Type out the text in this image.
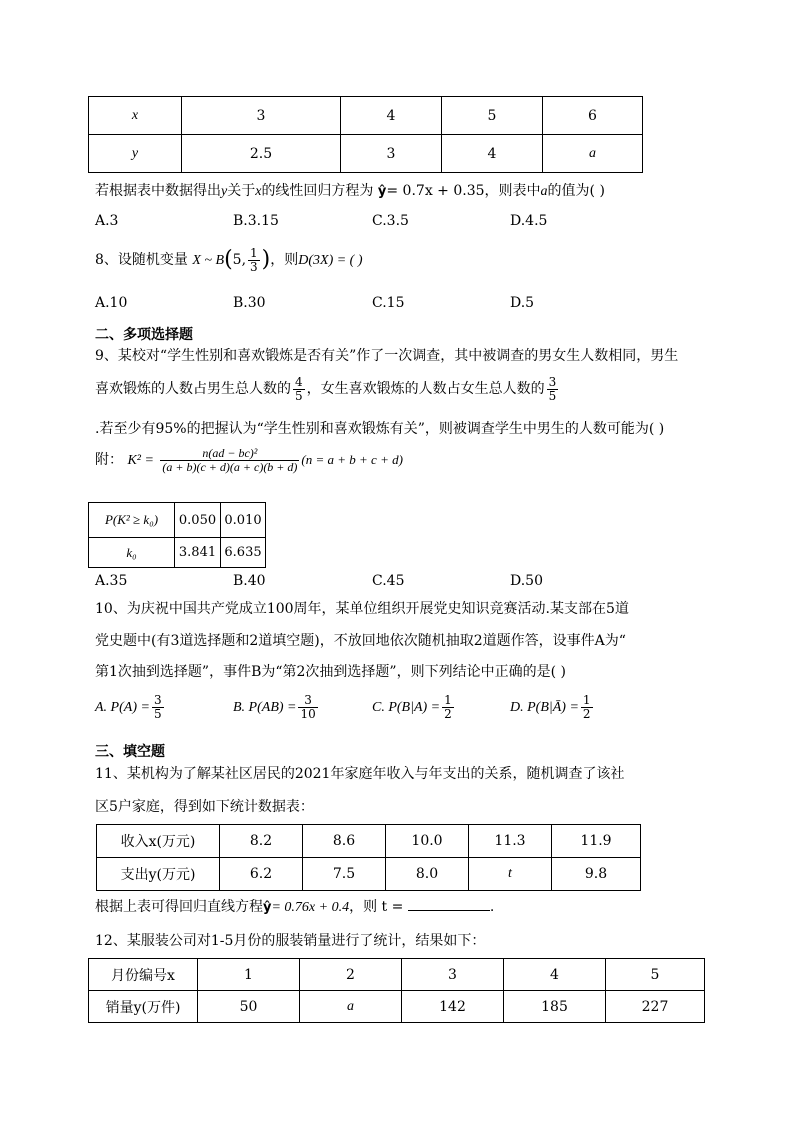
x	3	4	5	6
y	2.5	3	4	a
若根据表中数据得出y关于x的线性回归方程为 ŷ= 0.7x + 0.35，则表中a的值为( )
A.3	B.3.15	C.3.5	D.4.5
8、设随机变量 X ~ B(5, $\frac{1}{3}$ )，则D(3X) = ( )
A.10	B.30	C.15	D.5
二、多项选择题
9、某校对“学生性别和喜欢锻炼是否有关”作了一次调查，其中被调查的男女生人数相同，男生
喜欢锻炼的人数占男生总人数的 $\frac{4}{5}$ ，女生喜欢锻炼的人数占女生总人数的 $\frac{3}{5}$
.若至少有95%的把握认为“学生性别和喜欢锻炼有关”，则被调查学生中男生的人数可能为( )
附： $K^2 = \frac{\text{n(ad − bc)²}}{(a + b)(c + d)(a + c)(b + d)} (n = a + b + c + d)$
P(K² ≥ k₀)	0.050	0.010
k₀	3.841	6.635
A.35	B.40	C.45	D.50
10、为庆祝中国共产党成立100周年，某单位组织开展党史知识竞赛活动.某支部在5道
党史题中(有3道选择题和2道填空题)，不放回地依次随机抽取2道题作答，设事件A为“
第1次抽到选择题”，事件B为“第2次抽到选择题”，则下列结论中正确的是( )
A. $P(A) = \frac{3}{5}$	B. $P(AB) = \frac{3}{10}$	C. $P(B|A) = \frac{1}{2}$	D. P(B|Ā) = $\frac{1}{2}$
三、填空题
11、某机构为了解某社区居民的2021年家庭年收入与年支出的关系，随机调查了该社
区5户家庭，得到如下统计数据表：
收入x(万元)	8.2	8.6	10.0	11.3	11.9
支出y(万元)	6.2	7.5	8.0	t	9.8
根据上表可得回归直线方程ŷ= 0.76x + 0.4，则 t =	.
12、某服装公司对1-5月份的服装销量进行了统计，结果如下：
月份编号x	1	2	3	4	5
销量y(万件)	50	a	142	185	227
